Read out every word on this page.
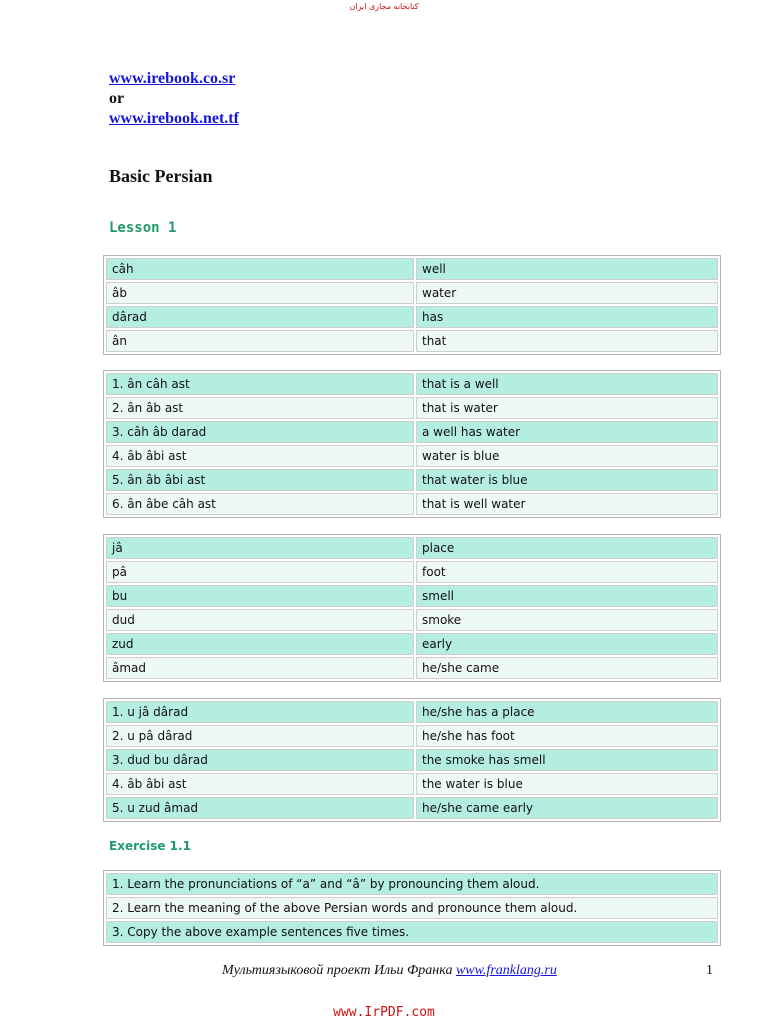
کتابخانه مجازی ایران
www.irebook.co.sr
or
www.irebook.net.tf
Basic Persian
Lesson 1
câh	well
âb	water
dârad	has
ân	that
1. ân câh ast	that is a well
2. ân âb ast	that is water
3. câh âb darad	a well has water
4. âb âbi ast	water is blue
5. ân âb âbi ast	that water is blue
6. ân âbe câh ast	that is well water
jâ	place
pâ	foot
bu	smell
dud	smoke
zud	early
âmad	he/she came
1. u jâ dârad	he/she has a place
2. u pâ dârad	he/she has foot
3. dud bu dârad	the smoke has smell
4. âb âbi ast	the water is blue
5. u zud âmad	he/she came early
Exercise 1.1
1. Learn the pronunciations of “a” and “â” by pronouncing them aloud.
2. Learn the meaning of the above Persian words and pronounce them aloud.
3. Copy the above example sentences five times.
Мультиязыковой проект Ильи Франка www.franklang.ru	1
www.IrPDF.com
